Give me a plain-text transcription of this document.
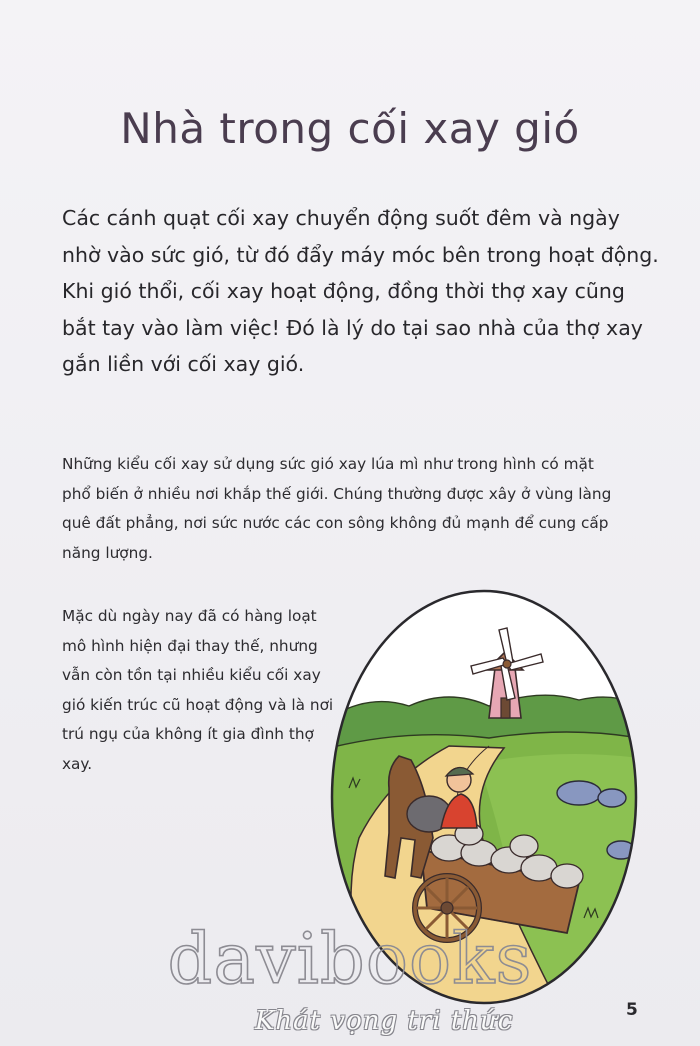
Nhà trong cối xay gió

Các cánh quạt cối xay chuyển động suốt đêm và ngày nhờ vào sức gió, từ đó đẩy máy móc bên trong hoạt động. Khi gió thổi, cối xay hoạt động, đồng thời thợ xay cũng bắt tay vào làm việc! Đó là lý do tại sao nhà của thợ xay gắn liền với cối xay gió.

Những kiểu cối xay sử dụng sức gió xay lúa mì như trong hình có mặt phổ biến ở nhiều nơi khắp thế giới. Chúng thường được xây ở vùng làng quê đất phẳng, nơi sức nước các con sông không đủ mạnh để cung cấp năng lượng.

Mặc dù ngày nay đã có hàng loạt mô hình hiện đại thay thế, nhưng vẫn còn tồn tại nhiều kiểu cối xay gió kiến trúc cũ hoạt động và là nơi trú ngụ của không ít gia đình thợ xay.

davibooks
Khát vọng tri thức	5
